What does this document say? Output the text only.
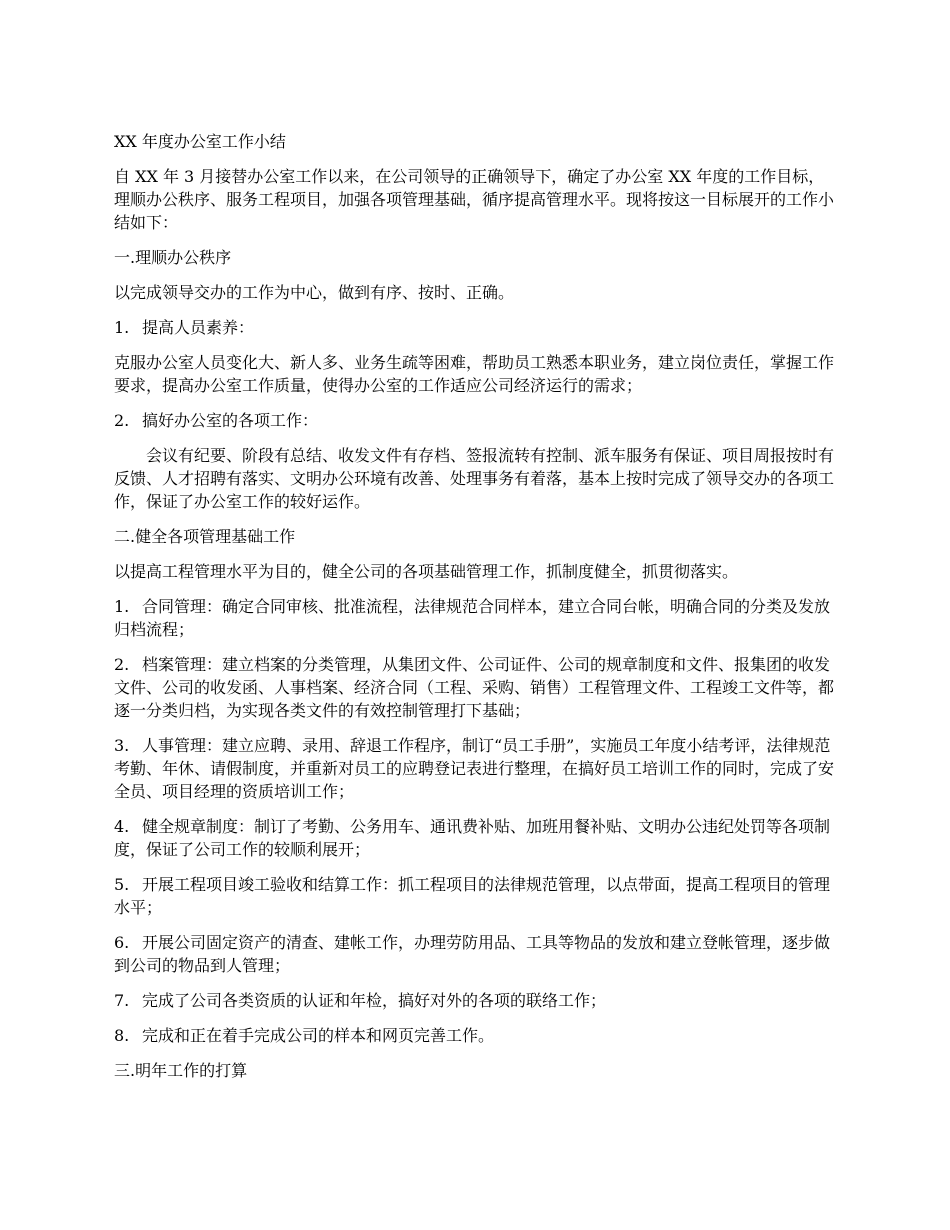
XX 年度办公室工作小结

自 XX 年 3 月接替办公室工作以来，在公司领导的正确领导下，确定了办公室 XX 年度的工作目标，理顺办公秩序、服务工程项目，加强各项管理基础，循序提高管理水平。现将按这一目标展开的工作小结如下：

一.理顺办公秩序

以完成领导交办的工作为中心，做到有序、按时、正确。

1. 提高人员素养：

克服办公室人员变化大、新人多、业务生疏等困难，帮助员工熟悉本职业务，建立岗位责任，掌握工作要求，提高办公室工作质量，使得办公室的工作适应公司经济运行的需求；

2. 搞好办公室的各项工作：

会议有纪要、阶段有总结、收发文件有存档、签报流转有控制、派车服务有保证、项目周报按时有反馈、人才招聘有落实、文明办公环境有改善、处理事务有着落，基本上按时完成了领导交办的各项工作，保证了办公室工作的较好运作。

二.健全各项管理基础工作

以提高工程管理水平为目的，健全公司的各项基础管理工作，抓制度健全，抓贯彻落实。

1. 合同管理：确定合同审核、批准流程，法律规范合同样本，建立合同台帐，明确合同的分类及发放归档流程；

2. 档案管理：建立档案的分类管理，从集团文件、公司证件、公司的规章制度和文件、报集团的收发文件、公司的收发函、人事档案、经济合同（工程、采购、销售）工程管理文件、工程竣工文件等，都逐一分类归档，为实现各类文件的有效控制管理打下基础；

3. 人事管理：建立应聘、录用、辞退工作程序，制订“员工手册”，实施员工年度小结考评，法律规范考勤、年休、请假制度，并重新对员工的应聘登记表进行整理，在搞好员工培训工作的同时，完成了安全员、项目经理的资质培训工作；

4. 健全规章制度：制订了考勤、公务用车、通讯费补贴、加班用餐补贴、文明办公违纪处罚等各项制度，保证了公司工作的较顺利展开；

5. 开展工程项目竣工验收和结算工作：抓工程项目的法律规范管理，以点带面，提高工程项目的管理水平；

6. 开展公司固定资产的清查、建帐工作，办理劳防用品、工具等物品的发放和建立登帐管理，逐步做到公司的物品到人管理；

7. 完成了公司各类资质的认证和年检，搞好对外的各项的联络工作；

8. 完成和正在着手完成公司的样本和网页完善工作。

三.明年工作的打算
